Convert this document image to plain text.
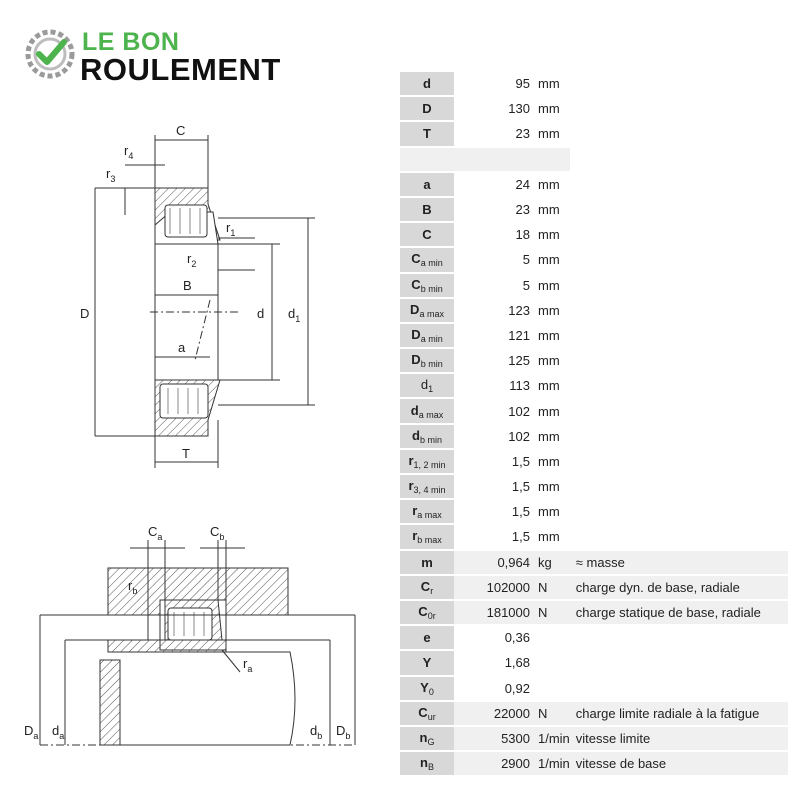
LE BON
ROULEMENT
C
$r_4$
$r_3$
$r_1$
$r_2$
B
D	d $d_1$
a
T
$C_a$	$C_b$
$r_b$
$r_a$
$D_a$ $d_a$	$d_b$ $D_b$
d	95	mm	
D	130	mm	
T	23	mm	

a	24	mm	
B	23	mm	
C	18	mm	
$C_{a min}$	5	mm	
$C_{b min}$	5	mm	
$D_{a max}$	123	mm	
$D_{a min}$	121	mm	
$D_{b min}$	125	mm	
$d_1$	113	mm	
$d_{a max}$	102	mm	
$d_{b min}$	102	mm	
$r_{1, 2 min}$	1,5	mm	
$r_{3, 4 min}$	1,5	mm	
$r_{a max}$	1,5	mm	
$r_{b max}$	1,5	mm	
m	0,964	kg	≈ masse
$C_r$	102000	N	charge dyn. de base, radiale
$C_{0r}$	181000	N	charge statique de base, radiale
e	0,36		
Y	1,68		
$Y_0$	0,92		
$C_{ur}$	22000	N	charge limite radiale à la fatigue
$n_G$	5300	1/min	vitesse limite
$n_B$	2900	1/min	vitesse de base
